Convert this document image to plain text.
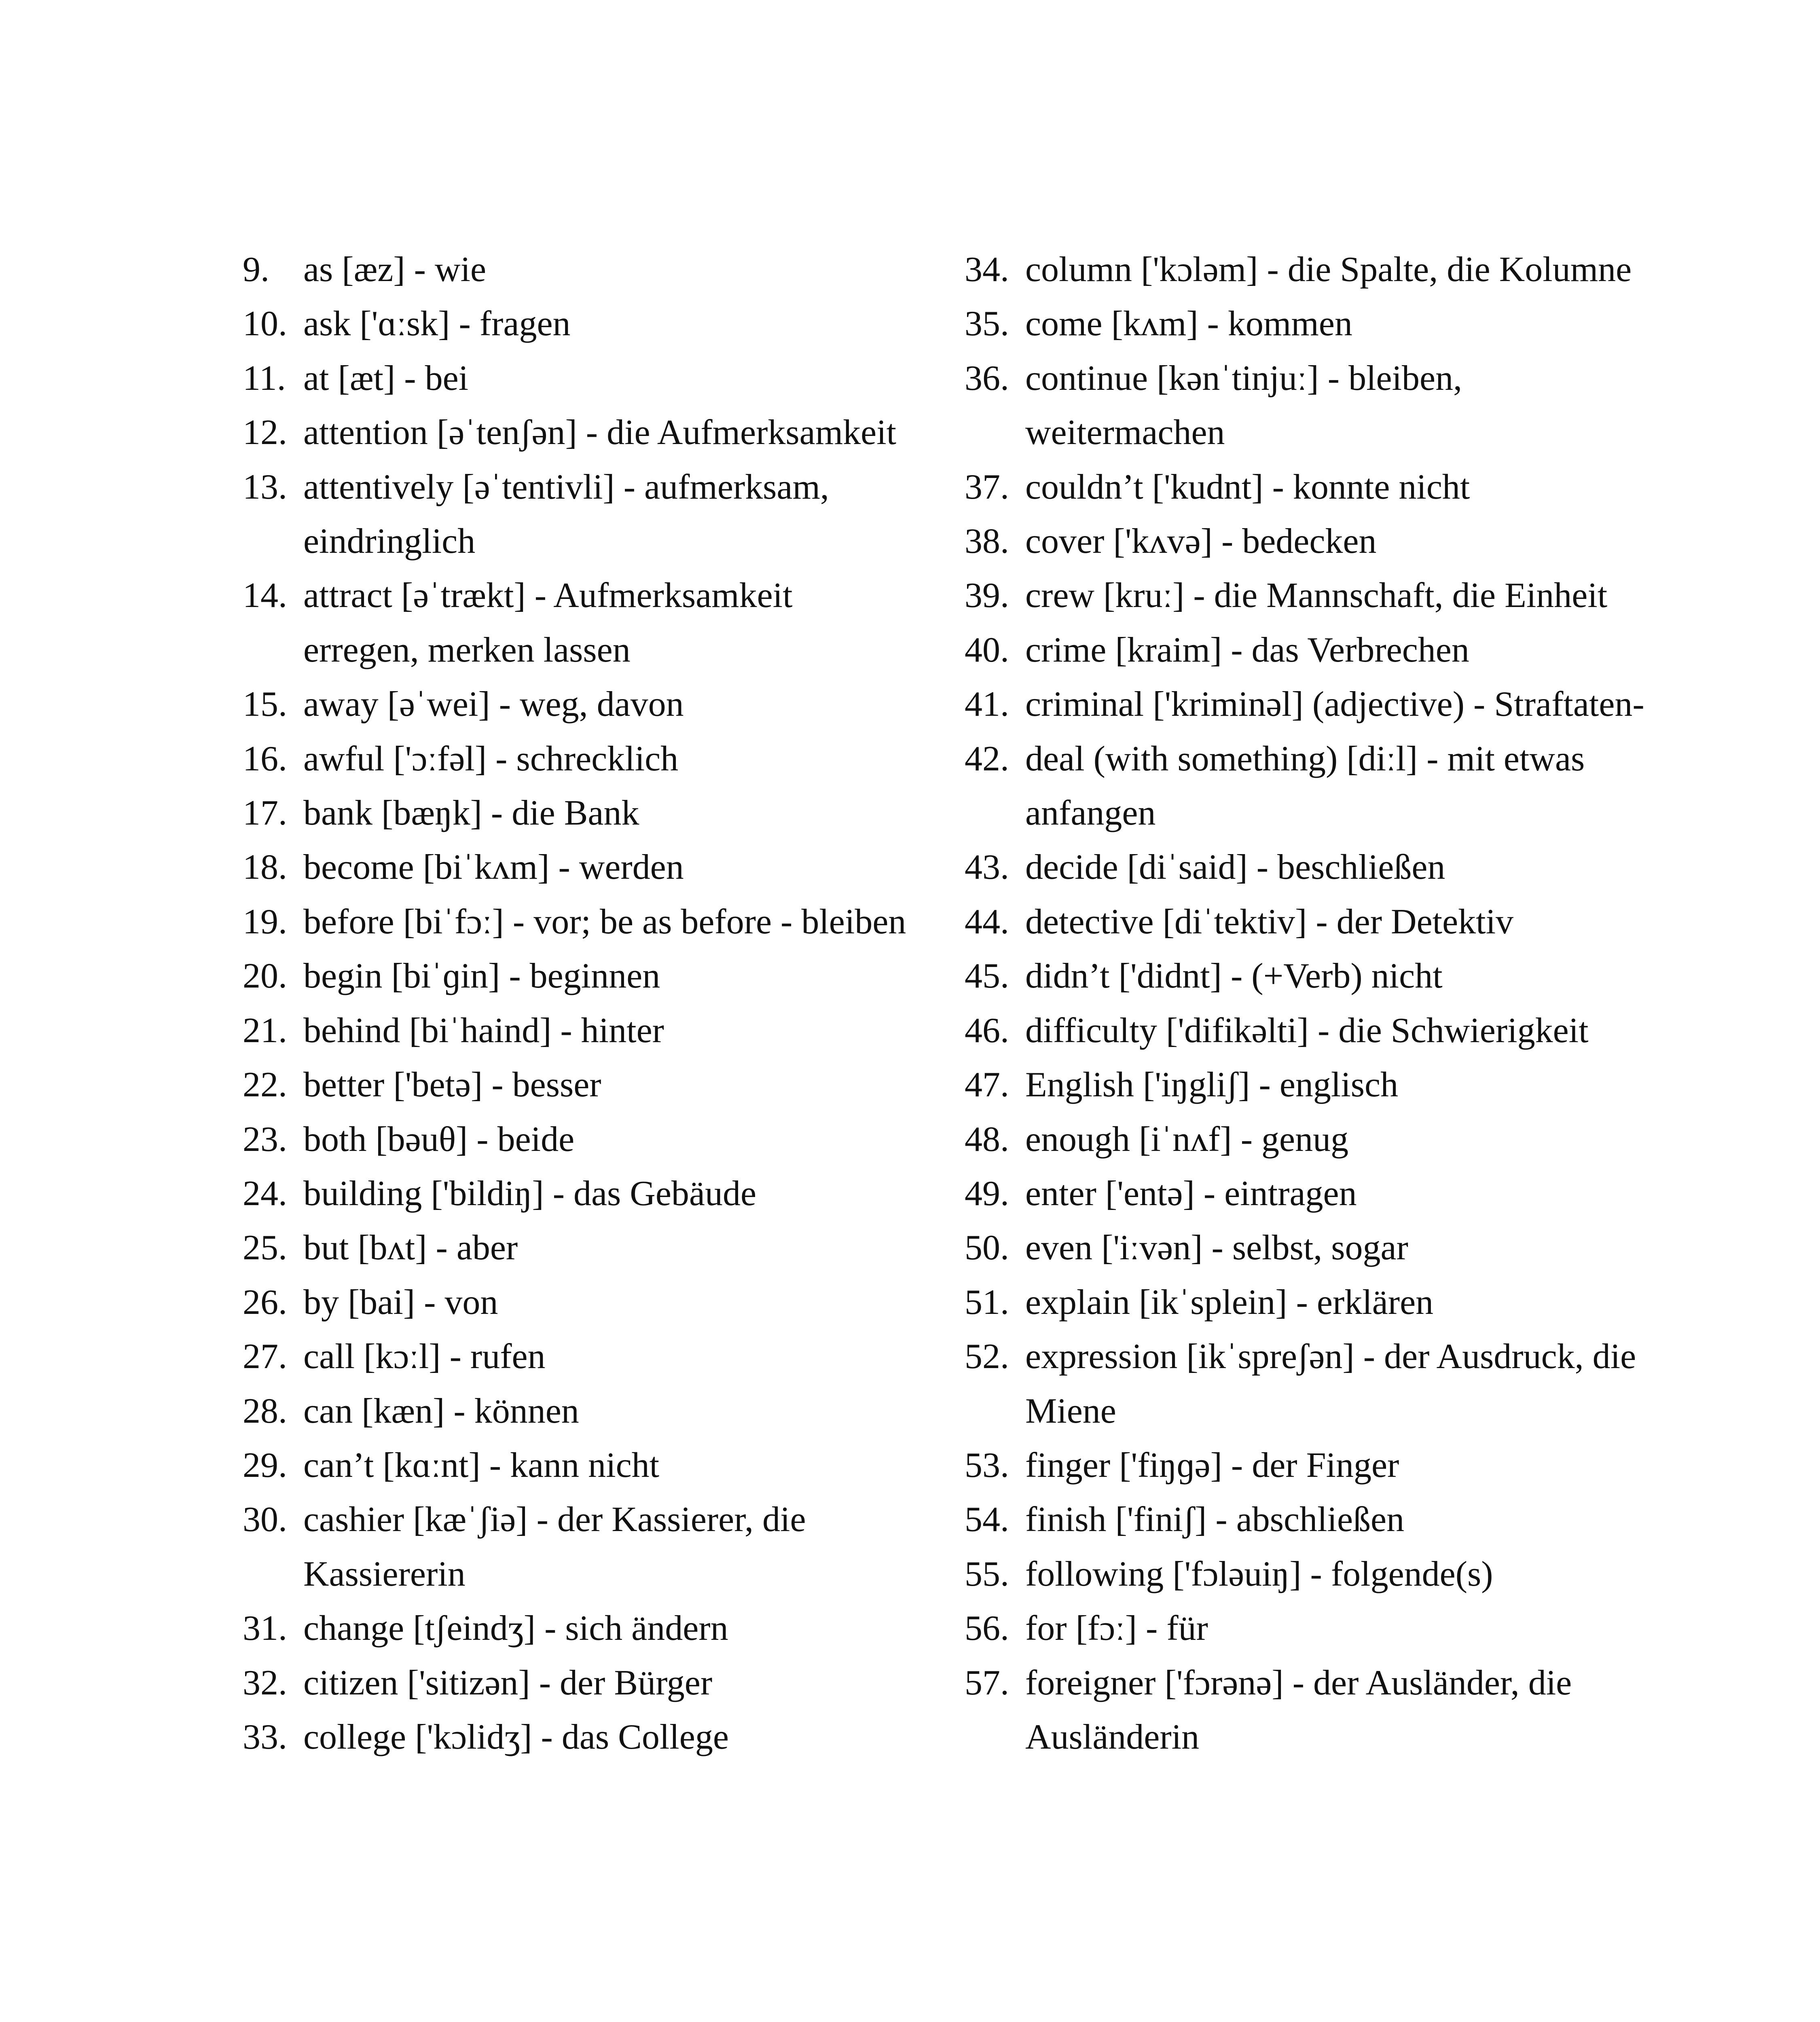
9. as [æz] - wie
10. ask ['ɑːsk] - fragen
11. at [æt] - bei
12. attention [əˈtenʃən] - die Aufmerksamkeit
13. attentively [əˈtentivli] - aufmerksam, eindringlich
14. attract [əˈtrækt] - Aufmerksamkeit erregen, merken lassen
15. away [əˈwei] - weg, davon
16. awful ['ɔːfəl] - schrecklich
17. bank [bæŋk] - die Bank
18. become [biˈkʌm] - werden
19. before [biˈfɔː] - vor; be as before - bleiben
20. begin [biˈɡin] - beginnen
21. behind [biˈhaind] - hinter
22. better ['betə] - besser
23. both [bəuθ] - beide
24. building ['bildiŋ] - das Gebäude
25. but [bʌt] - aber
26. by [bai] - von
27. call [kɔːl] - rufen
28. can [kæn] - können
29. can’t [kɑːnt] - kann nicht
30. cashier [kæˈʃiə] - der Kassierer, die Kassiererin
31. change [tʃeindʒ] - sich ändern
32. citizen ['sitizən] - der Bürger
33. college ['kɔlidʒ] - das College
34. column ['kɔləm] - die Spalte, die Kolumne
35. come [kʌm] - kommen
36. continue [kənˈtinjuː] - bleiben, weitermachen
37. couldn’t ['kudnt] - konnte nicht
38. cover ['kʌvə] - bedecken
39. crew [kruː] - die Mannschaft, die Einheit
40. crime [kraim] - das Verbrechen
41. criminal ['kriminəl] (adjective) - Straftaten-
42. deal (with something) [diːl] - mit etwas anfangen
43. decide [diˈsaid] - beschließen
44. detective [diˈtektiv] - der Detektiv
45. didn’t ['didnt] - (+Verb) nicht
46. difficulty ['difikəlti] - die Schwierigkeit
47. English ['iŋgliʃ] - englisch
48. enough [iˈnʌf] - genug
49. enter ['entə] - eintragen
50. even ['iːvən] - selbst, sogar
51. explain [ikˈsplein] - erklären
52. expression [ikˈspreʃən] - der Ausdruck, die Miene
53. finger ['fiŋɡə] - der Finger
54. finish ['finiʃ] - abschließen
55. following ['fɔləuiŋ] - folgende(s)
56. for [fɔː] - für
57. foreigner ['fɔrənə] - der Ausländer, die Ausländerin
